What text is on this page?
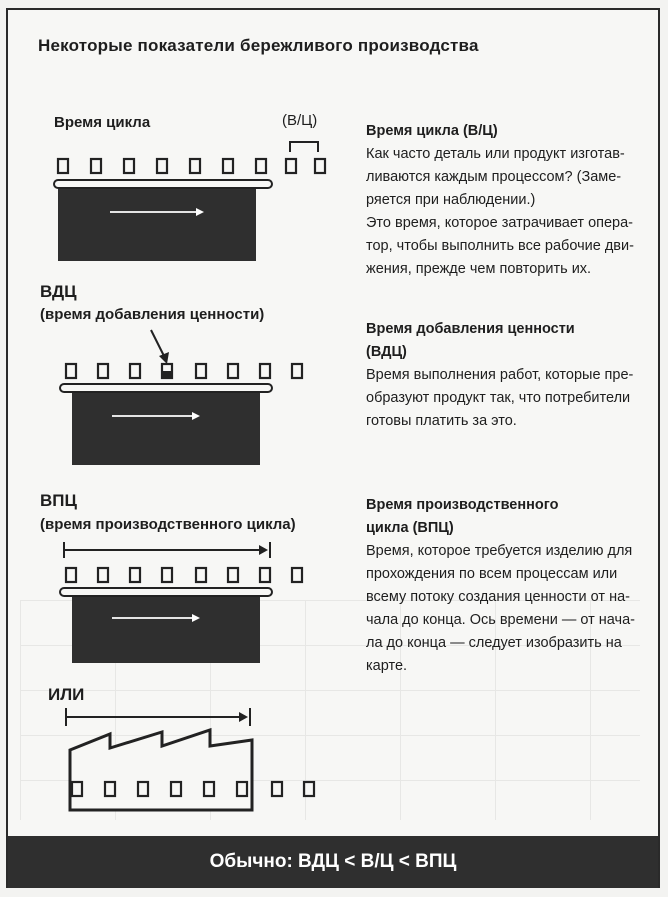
Некоторые показатели бережливого производства
Время цикла	(В/Ц)

Время цикла (В/Ц)

Как часто деталь или продукт изготав-

ливаются каждым процессом? (Заме-

ряется при наблюдении.)

Это время, которое затрачивает опера-

тор, чтобы выполнить все рабочие дви-

жения, прежде чем повторить их.

ВДЦ
(время добавления ценности)

Время добавления ценности

(ВДЦ)

Время выполнения работ, которые пре-

образуют продукт так, что потребители

готовы платить за это.

ВПЦ
(время производственного цикла)

Время производственного

цикла (ВПЦ)

Время, которое требуется изделию для

прохождения по всем процессам или

всему потоку создания ценности от на-

чала до конца. Ось времени — от нача-

ла до конца — следует изобразить на

карте.

ИЛИ
Обычно: ВДЦ < В/Ц < ВПЦ
